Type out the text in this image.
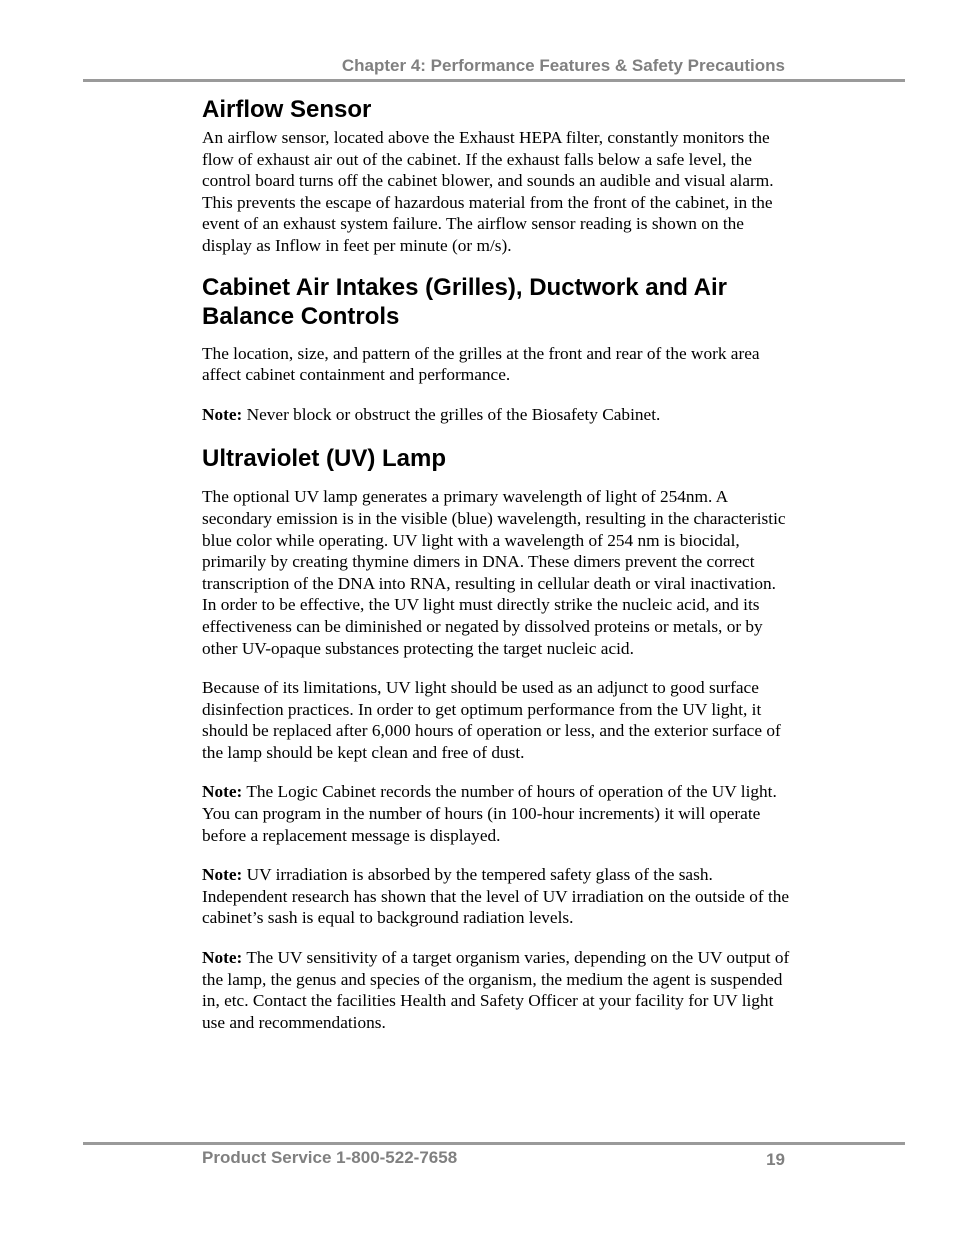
Chapter 4: Performance Features & Safety Precautions
Airflow Sensor

An airflow sensor, located above the Exhaust HEPA filter, constantly monitors the flow of exhaust air out of the cabinet. If the exhaust falls below a safe level, the control board turns off the cabinet blower, and sounds an audible and visual alarm. This prevents the escape of hazardous material from the front of the cabinet, in the event of an exhaust system failure. The airflow sensor reading is shown on the display as Inflow in feet per minute (or m/s).

Cabinet Air Intakes (Grilles), Ductwork and Air Balance Controls

The location, size, and pattern of the grilles at the front and rear of the work area affect cabinet containment and performance.

Note: Never block or obstruct the grilles of the Biosafety Cabinet.

Ultraviolet (UV) Lamp

The optional UV lamp generates a primary wavelength of light of 254nm. A secondary emission is in the visible (blue) wavelength, resulting in the characteristic blue color while operating. UV light with a wavelength of 254 nm is biocidal, primarily by creating thymine dimers in DNA. These dimers prevent the correct transcription of the DNA into RNA, resulting in cellular death or viral inactivation. In order to be effective, the UV light must directly strike the nucleic acid, and its effectiveness can be diminished or negated by dissolved proteins or metals, or by other UV-opaque substances protecting the target nucleic acid.

Because of its limitations, UV light should be used as an adjunct to good surface disinfection practices. In order to get optimum performance from the UV light, it should be replaced after 6,000 hours of operation or less, and the exterior surface of the lamp should be kept clean and free of dust.

Note: The Logic Cabinet records the number of hours of operation of the UV light. You can program in the number of hours (in 100-hour increments) it will operate before a replacement message is displayed.

Note: UV irradiation is absorbed by the tempered safety glass of the sash. Independent research has shown that the level of UV irradiation on the outside of the cabinet’s sash is equal to background radiation levels.

Note: The UV sensitivity of a target organism varies, depending on the UV output of the lamp, the genus and species of the organism, the medium the agent is suspended in, etc. Contact the facilities Health and Safety Officer at your facility for UV light use and recommendations.

Product Service 1-800-522-7658	19
